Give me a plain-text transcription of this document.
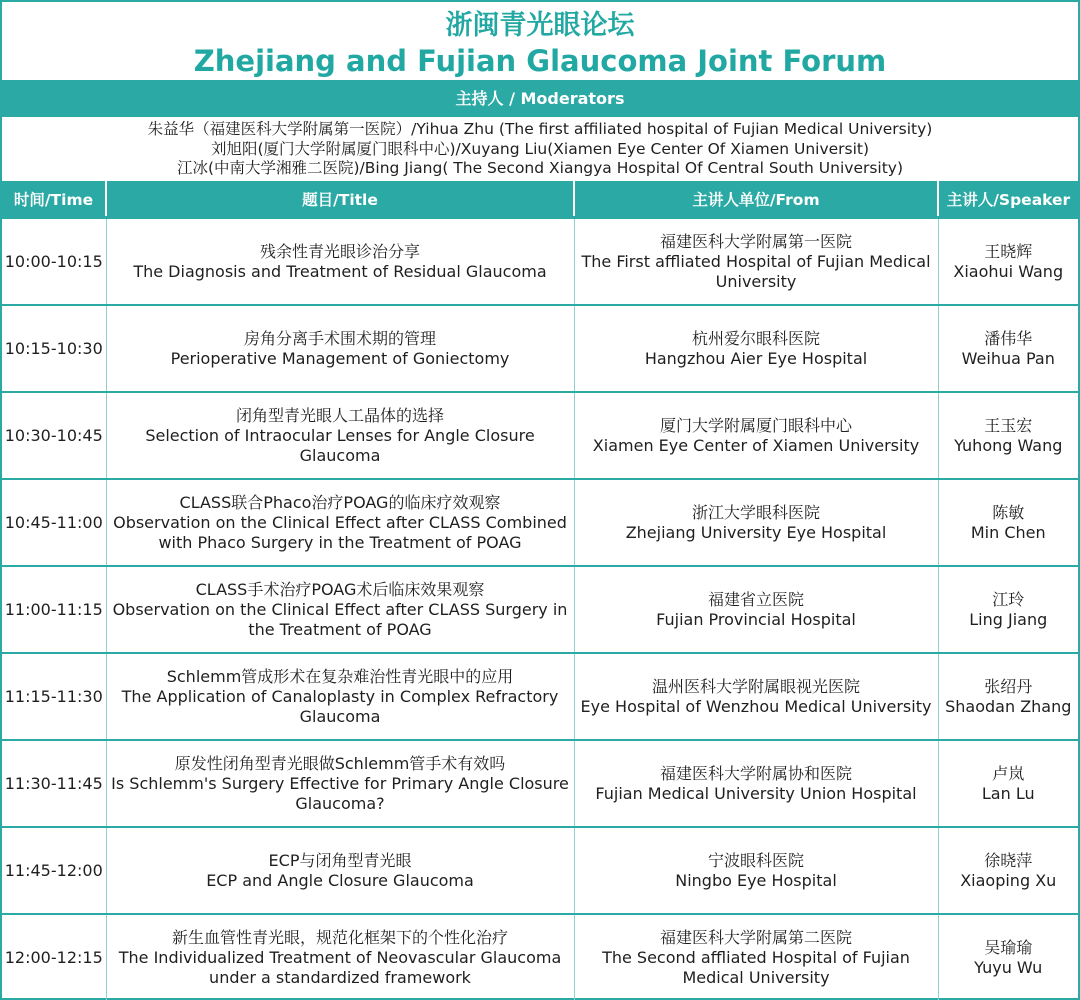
浙闽青光眼论坛
Zhejiang and Fujian Glaucoma Joint Forum
主持人 / Moderators
朱益华（福建医科大学附属第一医院）/Yihua Zhu (The first affiliated hospital of Fujian Medical University)
刘旭阳(厦门大学附属厦门眼科中心)/Xuyang Liu(Xiamen Eye Center Of Xiamen Universit)
江冰(中南大学湘雅二医院)/Bing Jiang( The Second Xiangya Hospital Of Central South University)
时间/Time	题目/Title	主讲人单位/From	主讲人/Speaker
10:00-10:15	残余性青光眼诊治分享
The Diagnosis and Treatment of Residual Glaucoma	福建医科大学附属第一医院
The First affliated Hospital of Fujian Medical
University	王晓辉
Xiaohui Wang

10:15-10:30	房角分离手术围术期的管理
Perioperative Management of Goniectomy	杭州爱尔眼科医院
Hangzhou Aier Eye Hospital	潘伟华
Weihua Pan

10:30-10:45	闭角型青光眼人工晶体的选择
Selection of Intraocular Lenses for Angle Closure
Glaucoma	厦门大学附属厦门眼科中心
Xiamen Eye Center of Xiamen University	王玉宏
Yuhong Wang

10:45-11:00	CLASS联合Phaco治疗POAG的临床疗效观察
Observation on the Clinical Effect after CLASS Combined
with Phaco Surgery in the Treatment of POAG	浙江大学眼科医院
Zhejiang University Eye Hospital	陈敏
Min Chen

11:00-11:15	CLASS手术治疗POAG术后临床效果观察
Observation on the Clinical Effect after CLASS Surgery in
the Treatment of POAG	福建省立医院
Fujian Provincial Hospital	江玲
Ling Jiang

11:15-11:30	Schlemm管成形术在复杂难治性青光眼中的应用
The Application of Canaloplasty in Complex Refractory
Glaucoma	温州医科大学附属眼视光医院
Eye Hospital of Wenzhou Medical University	张绍丹
Shaodan Zhang

11:30-11:45	原发性闭角型青光眼做Schlemm管手术有效吗
Is Schlemm's Surgery Effective for Primary Angle Closure
Glaucoma?	福建医科大学附属协和医院
Fujian Medical University Union Hospital	卢岚
Lan Lu

11:45-12:00	ECP与闭角型青光眼
ECP and Angle Closure Glaucoma	宁波眼科医院
Ningbo Eye Hospital	徐晓萍
Xiaoping Xu

12:00-12:15	新生血管性青光眼，规范化框架下的个性化治疗
The Individualized Treatment of Neovascular Glaucoma
under a standardized framework	福建医科大学附属第二医院
The Second affliated Hospital of Fujian
Medical University	吴瑜瑜
Yuyu Wu
